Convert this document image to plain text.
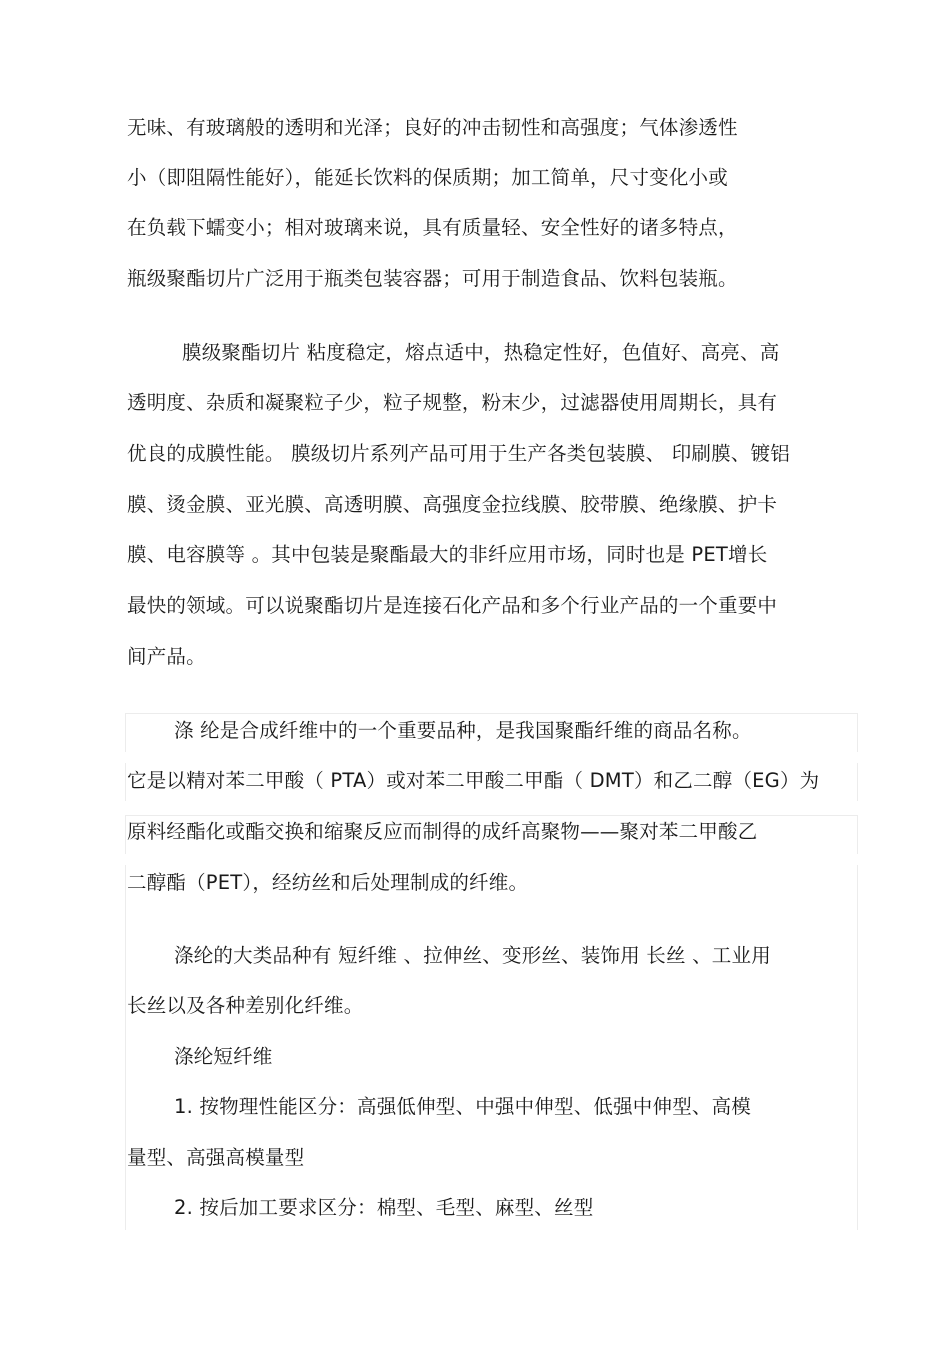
无味、有玻璃般的透明和光泽；良好的冲击韧性和高强度；气体渗透性
小（即阻隔性能好），能延长饮料的保质期；加工简单，尺寸变化小或
在负载下蠕变小；相对玻璃来说，具有质量轻、安全性好的诸多特点，
瓶级聚酯切片广泛用于瓶类包装容器；可用于制造食品、饮料包装瓶。
膜级聚酯切片 粘度稳定，熔点适中，热稳定性好，色值好、高亮、高
透明度、杂质和凝聚粒子少，粒子规整，粉末少，过滤器使用周期长，具有
优良的成膜性能。 膜级切片系列产品可用于生产各类包装膜、 印刷膜、镀铝
膜、烫金膜、亚光膜、高透明膜、高强度金拉线膜、胶带膜、绝缘膜、护卡
膜、电容膜等 。其中包装是聚酯最大的非纤应用市场，同时也是 PET增长
最快的领域。可以说聚酯切片是连接石化产品和多个行业产品的一个重要中
间产品。
涤 纶是合成纤维中的一个重要品种，是我国聚酯纤维的商品名称。
它是以精对苯二甲酸（ PTA）或对苯二甲酸二甲酯（ DMT）和乙二醇（EG）为
原料经酯化或酯交换和缩聚反应而制得的成纤高聚物——聚对苯二甲酸乙
二醇酯（PET），经纺丝和后处理制成的纤维。
涤纶的大类品种有 短纤维 、拉伸丝、变形丝、装饰用 长丝 、工业用
长丝以及各种差别化纤维。
涤纶短纤维
1. 按物理性能区分：高强低伸型、中强中伸型、低强中伸型、高模
量型、高强高模量型
2. 按后加工要求区分：棉型、毛型、麻型、丝型
